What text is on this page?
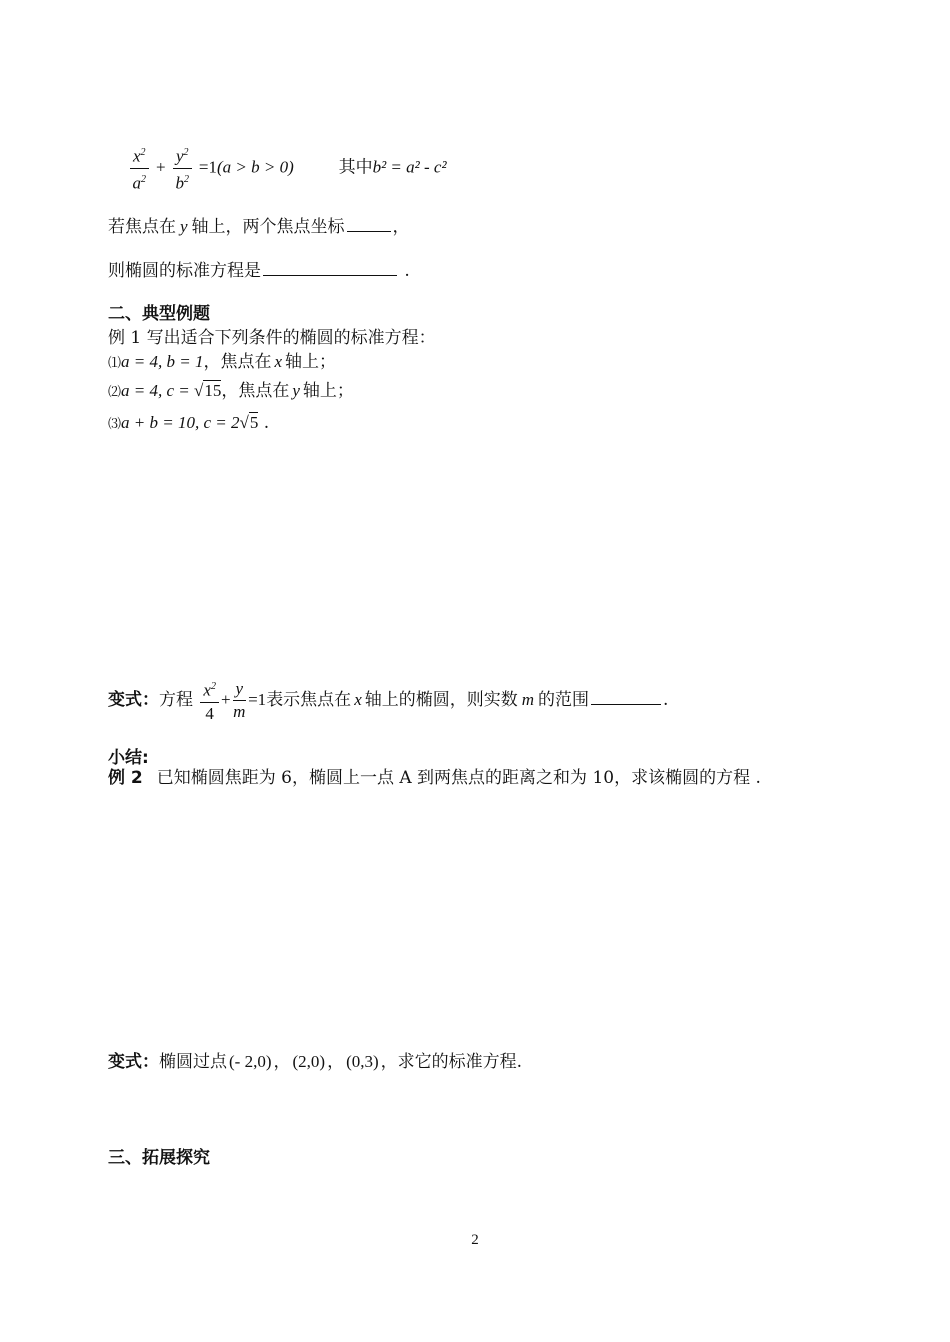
$\frac{x^2}{a^2} + \frac{y^2}{b^2} =1(a > b > 0)$	其中b² = a² - c²
若焦点在 y 轴上，两个焦点坐标	，
则椭圆的标准方程是	.
二、典型例题
例 1 写出适合下列条件的椭圆的标准方程：
⑴a = 4, b = 1，焦点在 x 轴上；
⑵a = 4, c = √15，焦点在 y 轴上；
⑶a + b = 10, c = 2√5 .
变式：方程 $\frac{x^2}{4} + \frac{y}{m} =1$表示焦点在 x 轴上的椭圆，则实数 m 的范围	.
小结:
例 2 已知椭圆焦距为 6，椭圆上一点 A 到两焦点的距离之和为 10，求该椭圆的方程 .
变式：椭圆过点 (- 2,0) ， (2,0) ， (0,3) ，求它的标准方程.
三、拓展探究
2
